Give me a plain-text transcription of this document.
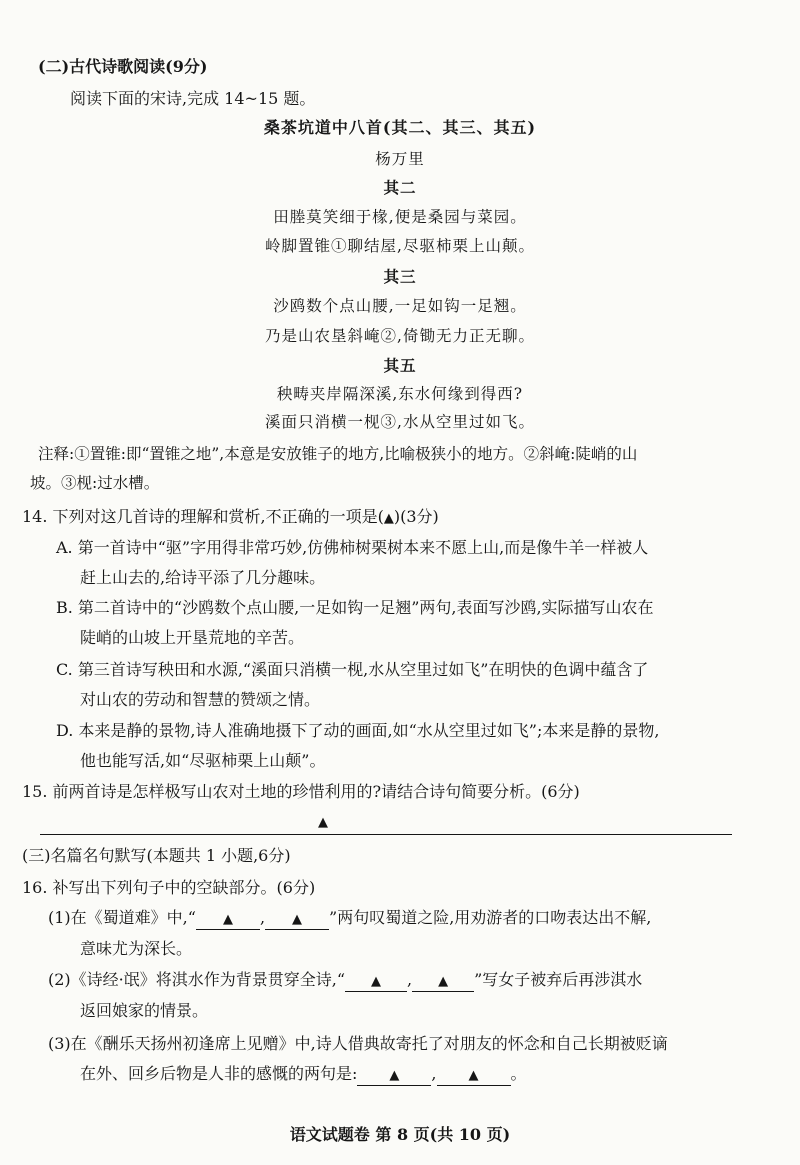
(二)古代诗歌阅读(9分)
阅读下面的宋诗,完成 14~15 题。
桑茶坑道中八首(其二、其三、其五)
杨万里
其二
田塍莫笑细于椽,便是桑园与菜园。
岭脚置锥①聊结屋,尽驱柿栗上山颠。
其三
沙鸥数个点山腰,一足如钩一足翘。
乃是山农垦斜崦②,倚锄无力正无聊。
其五
秧畴夹岸隔深溪,东水何缘到得西?
溪面只消横一枧③,水从空里过如飞。
注释:①置锥:即“置锥之地”,本意是安放锥子的地方,比喻极狭小的地方。②斜崦:陡峭的山
坡。③枧:过水槽。
14. 下列对这几首诗的理解和赏析,不正确的一项是(▲)(3分)
A. 第一首诗中“驱”字用得非常巧妙,仿佛柿树栗树本来不愿上山,而是像牛羊一样被人
赶上山去的,给诗平添了几分趣味。
B. 第二首诗中的“沙鸥数个点山腰,一足如钩一足翘”两句,表面写沙鸥,实际描写山农在
陡峭的山坡上开垦荒地的辛苦。
C. 第三首诗写秧田和水源,“溪面只消横一枧,水从空里过如飞”在明快的色调中蕴含了
对山农的劳动和智慧的赞颂之情。
D. 本来是静的景物,诗人准确地摄下了动的画面,如“水从空里过如飞”;本来是静的景物,
他也能写活,如“尽驱柿栗上山颠”。
15. 前两首诗是怎样极写山农对土地的珍惜利用的?请结合诗句简要分析。(6分)
▲
(三)名篇名句默写(本题共 1 小题,6分)
16. 补写出下列句子中的空缺部分。(6分)
(1)在《蜀道难》中,“ ▲ , ▲ ”两句叹蜀道之险,用劝游者的口吻表达出不解,
意味尤为深长。
(2)《诗经·氓》将淇水作为背景贯穿全诗,“ ▲ , ▲ ”写女子被弃后再涉淇水
返回娘家的情景。
(3)在《酬乐天扬州初逢席上见赠》中,诗人借典故寄托了对朋友的怀念和自己长期被贬谪
在外、回乡后物是人非的感慨的两句是: ▲ , ▲ 。
语文试题卷 第 8 页(共 10 页)
